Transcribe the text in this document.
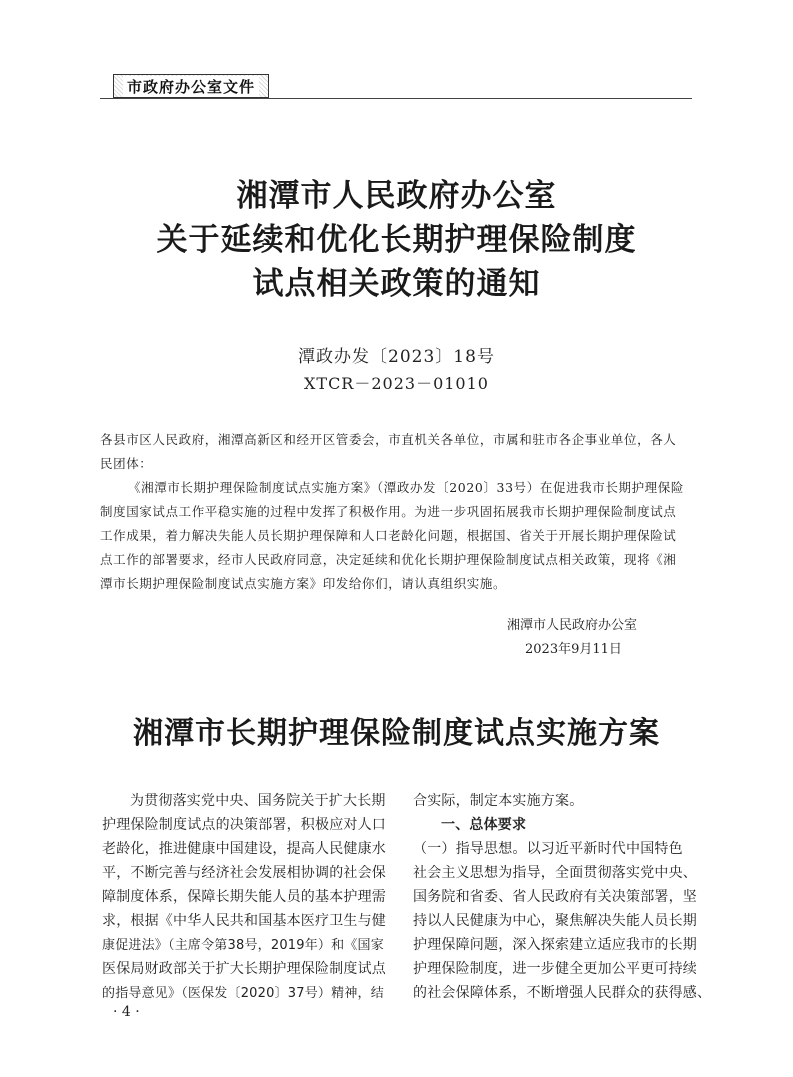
市政府办公室文件
湘潭市人民政府办公室
关于延续和优化长期护理保险制度
试点相关政策的通知
潭政办发〔2023〕18号
XTCR－2023－01010
各县市区人民政府，湘潭高新区和经开区管委会，市直机关各单位，市属和驻市各企事业单位，各人
民团体：
《湘潭市长期护理保险制度试点实施方案》（潭政办发〔2020〕33号）在促进我市长期护理保险
制度国家试点工作平稳实施的过程中发挥了积极作用。为进一步巩固拓展我市长期护理保险制度试点
工作成果，着力解决失能人员长期护理保障和人口老龄化问题，根据国、省关于开展长期护理保险试
点工作的部署要求，经市人民政府同意，决定延续和优化长期护理保险制度试点相关政策，现将《湘
潭市长期护理保险制度试点实施方案》印发给你们，请认真组织实施。
湘潭市人民政府办公室
2023年9月11日
湘潭市长期护理保险制度试点实施方案
为贯彻落实党中央、国务院关于扩大长期
护理保险制度试点的决策部署，积极应对人口
老龄化，推进健康中国建设，提高人民健康水
平，不断完善与经济社会发展相协调的社会保
障制度体系，保障长期失能人员的基本护理需
求，根据《中华人民共和国基本医疗卫生与健
康促进法》（主席令第38号，2019年）和《国家
医保局财政部关于扩大长期护理保险制度试点
的指导意见》（医保发〔2020〕37号）精神，结
合实际，制定本实施方案。
一、总体要求
（一）指导思想。以习近平新时代中国特色
社会主义思想为指导，全面贯彻落实党中央、
国务院和省委、省人民政府有关决策部署，坚
持以人民健康为中心，聚焦解决失能人员长期
护理保障问题，深入探索建立适应我市的长期
护理保险制度，进一步健全更加公平更可持续
的社会保障体系，不断增强人民群众的获得感、
· 4 ·
